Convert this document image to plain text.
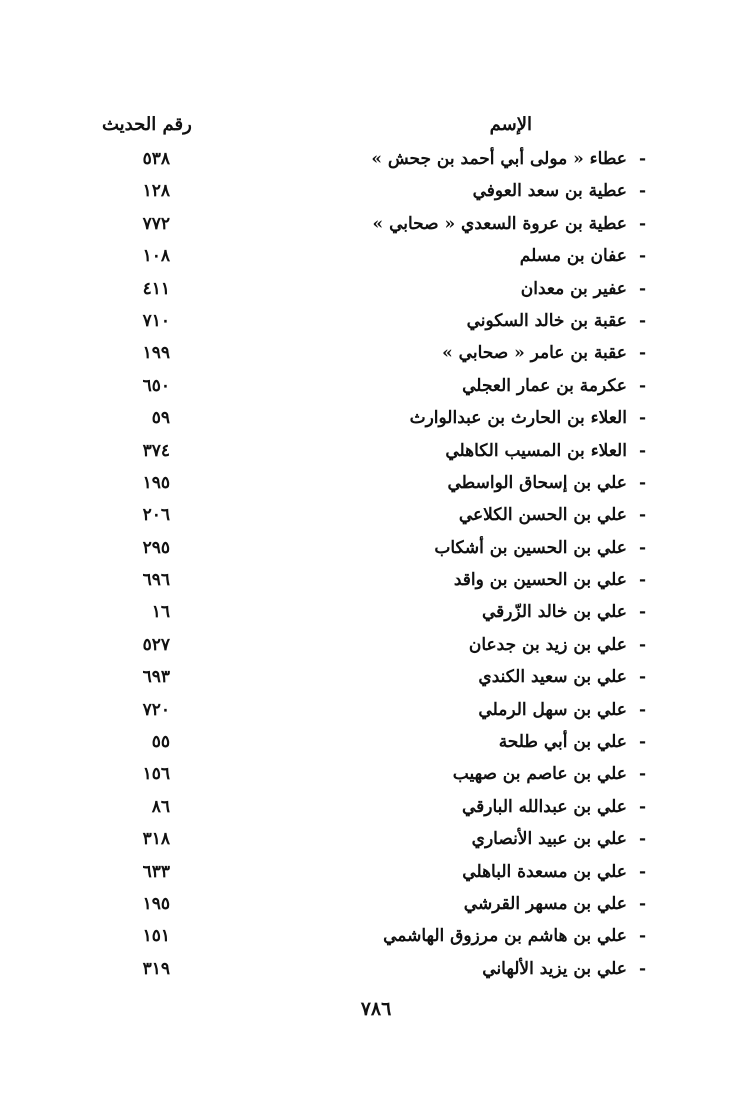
الإسم
رقم الحديث
-عطاء « مولى أبي أحمد بن جحش »
٥٣٨
-عطية بن سعد العوفي
١٢٨
-عطية بن عروة السعدي « صحابي »
٧٧٢
-عفان بن مسلم
١٠٨
-عفير بن معدان
٤١١
-عقبة بن خالد السكوني
٧١٠
-عقبة بن عامر « صحابي »
١٩٩
-عكرمة بن عمار العجلي
٦٥٠
-العلاء بن الحارث بن عبدالوارث
٥٩
-العلاء بن المسيب الكاهلي
٣٧٤
-علي بن إسحاق الواسطي
١٩٥
-علي بن الحسن الكلاعي
٢٠٦
-علي بن الحسين بن أشكاب
٢٩٥
-علي بن الحسين بن واقد
٦٩٦
-علي بن خالد الزّرقي
١٦
-علي بن زيد بن جدعان
٥٢٧
-علي بن سعيد الكندي
٦٩٣
-علي بن سهل الرملي
٧٢٠
-علي بن أبي طلحة
٥٥
-علي بن عاصم بن صهيب
١٥٦
-علي بن عبدالله البارقي
٨٦
-علي بن عبيد الأنصاري
٣١٨
-علي بن مسعدة الباهلي
٦٣٣
-علي بن مسهر القرشي
١٩٥
-علي بن هاشم بن مرزوق الهاشمي
١٥١
-علي بن يزيد الألهاني
٣١٩
٧٨٦
